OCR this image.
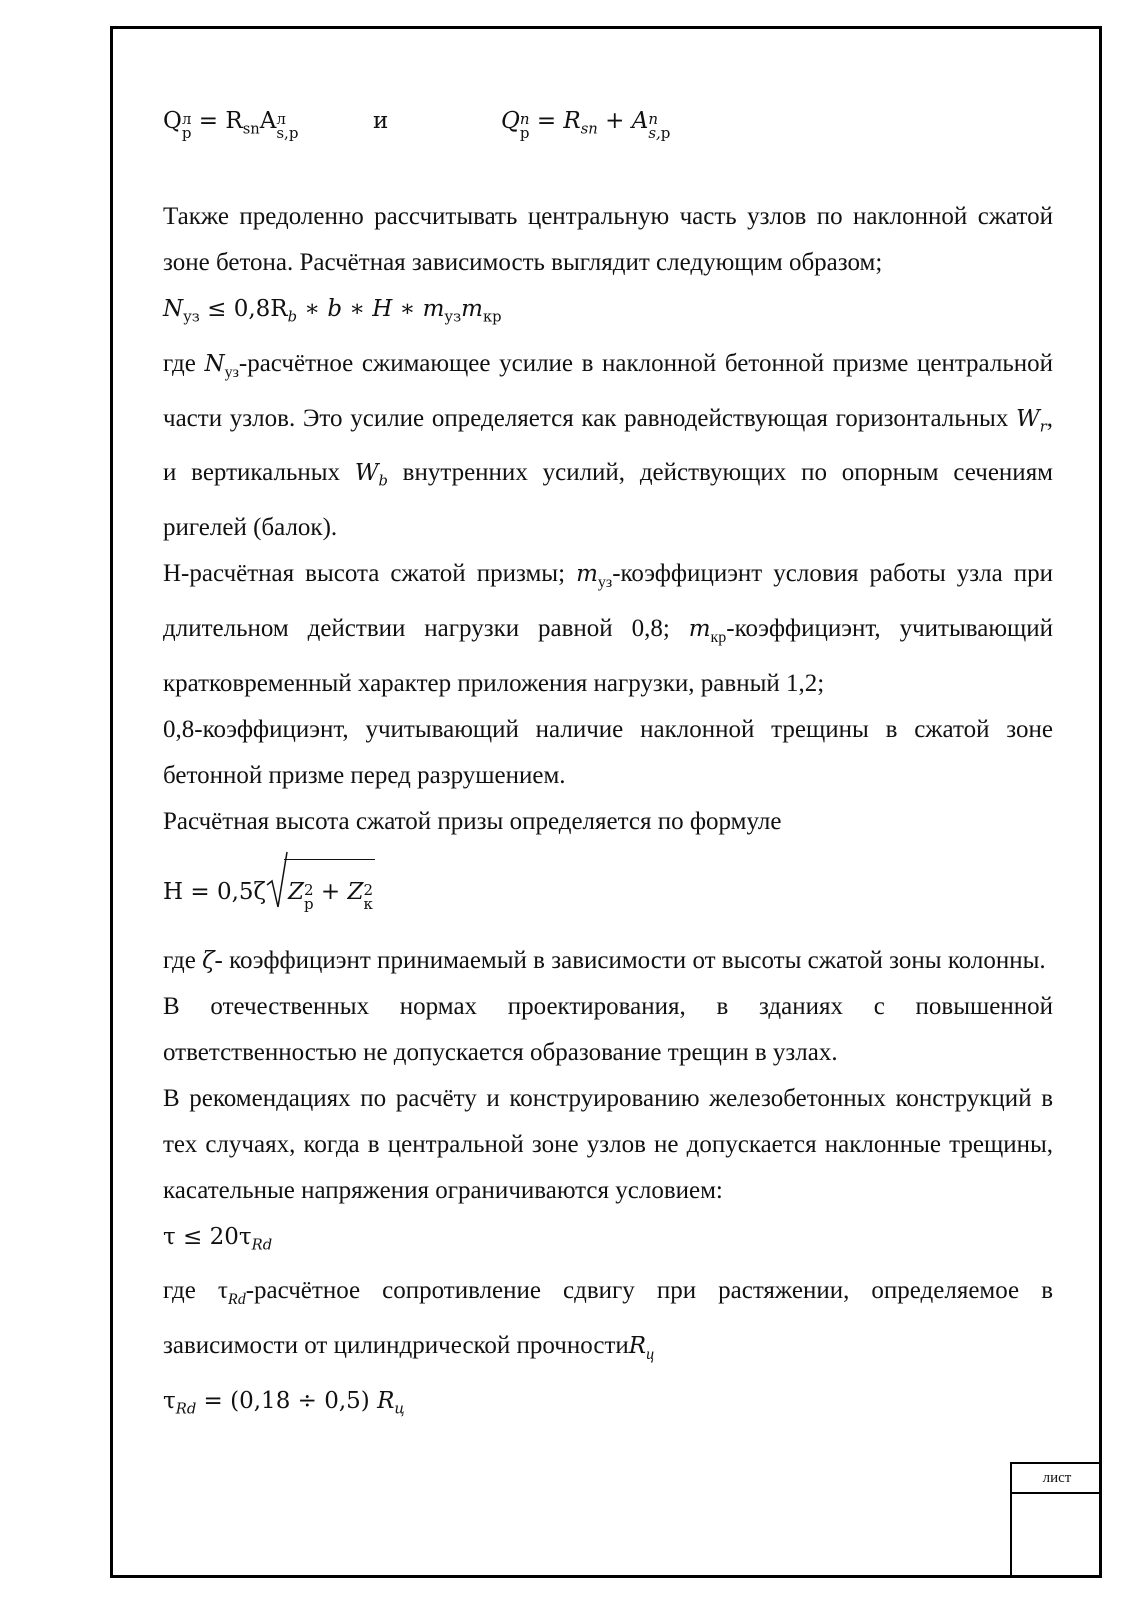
Q л
$р = R_{sn}A$ л
s,р	и	Q n
$р = R_{sn} + A$ n
s,р

Также предоленно рассчитывать центральную часть узлов по наклонной сжатой зоне бетона. Расчётная зависимость выглядит следующим образом;

$N_{уз} \le 0,8R_b$ ∗ b ∗ H ∗ $m_{уз}m_{кр}$

где $N_{уз}$-расчётное сжимающее усилие в наклонной бетонной призме центральной части узлов. Это усилие определяется как равнодействующая горизонтальных $W_r$, и вертикальных $W_b$ внутренних усилий, действующих по опорным сечениям ригелей (балок).

Н-расчётная высота сжатой призмы; $m_{уз}$-коэффициэнт условия работы узла при длительном действии нагрузки равной 0,8; $m_{кр}$-коэффициэнт, учитывающий кратковременный характер приложения нагрузки, равный 1,2;

0,8-коэффициэнт, учитывающий наличие наклонной трещины в сжатой зоне бетонной призме перед разрушением.

Расчётная высота сжатой призы определяется по формуле

H = 0,5ζ Z 2
р + Z 2
к

где ζ- коэффициэнт принимаемый в зависимости от высоты сжатой зоны колонны.

В отечественных нормах проектирования, в зданиях с повышенной ответственностью не допускается образование трещин в узлах.

В рекомендациях по расчёту и конструированию железобетонных конструкций в тех случаях, когда в центральной зоне узлов не допускается наклонные трещины, касательные напряжения ограничиваются условием:

$\tau \le 20\tau_{Rd}$

где $\tau_{Rd}$-расчётное сопротивление сдвигу при растяжении, определяемое в зависимости от цилиндрической прочностиR$_ц$

$\tau_{Rd} = (0,18 \div 0,5)$ $R_ц$

лист
